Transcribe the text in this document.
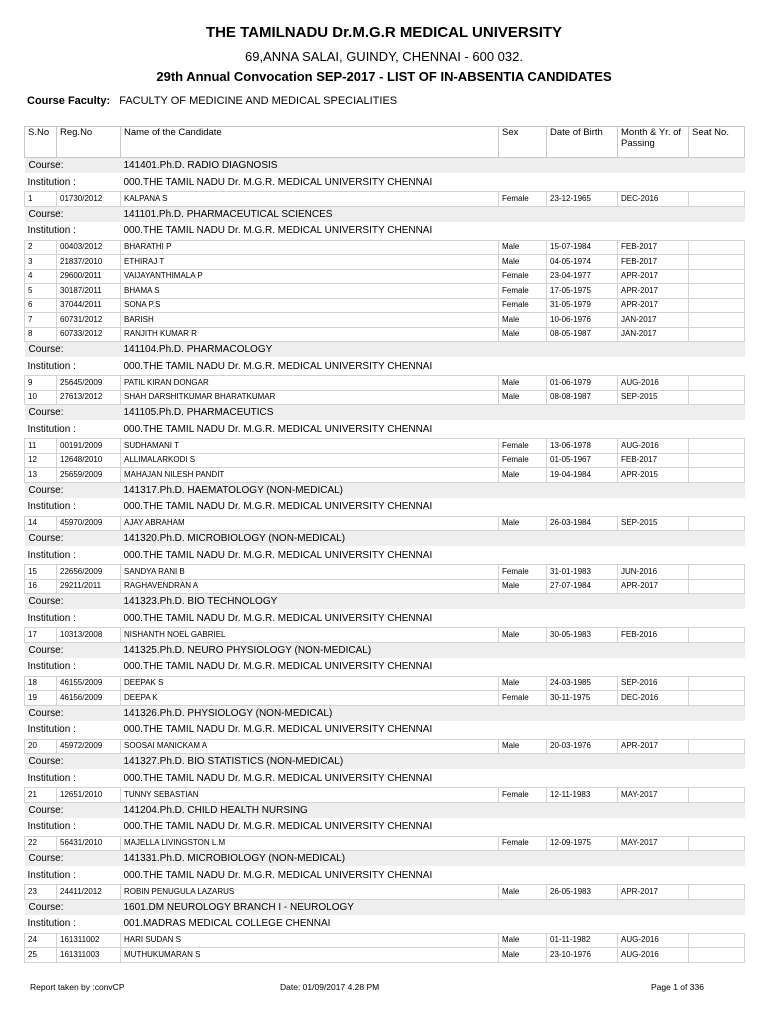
THE TAMILNADU Dr.M.G.R MEDICAL UNIVERSITY
69,ANNA SALAI, GUINDY, CHENNAI - 600 032.
29th Annual Convocation SEP-2017 - LIST OF IN-ABSENTIA CANDIDATES
Course Faculty: FACULTY OF MEDICINE AND MEDICAL SPECIALITIES
S.No	Reg.No	Name of the Candidate	Sex	Date of Birth	Month & Yr. of Passing	Seat No.
Course:		141401.Ph.D. RADIO DIAGNOSIS				
Institution :		000.THE TAMIL NADU Dr. M.G.R. MEDICAL UNIVERSITY CHENNAI				
1	01730/2012	KALPANA S	Female	23-12-1965	DEC-2016	
Course:		141101.Ph.D. PHARMACEUTICAL SCIENCES				
Institution :		000.THE TAMIL NADU Dr. M.G.R. MEDICAL UNIVERSITY CHENNAI				
2	00403/2012	BHARATHI P	Male	15-07-1984	FEB-2017	
3	21837/2010	ETHIRAJ T	Male	04-05-1974	FEB-2017	
4	29600/2011	VAIJAYANTHIMALA P	Female	23-04-1977	APR-2017	
5	30187/2011	BHAMA S	Female	17-05-1975	APR-2017	
6	37044/2011	SONA P.S	Female	31-05-1979	APR-2017	
7	60731/2012	BARISH	Male	10-06-1976	JAN-2017	
8	60733/2012	RANJITH KUMAR R	Male	08-05-1987	JAN-2017	
Course:		141104.Ph.D. PHARMACOLOGY				
Institution :		000.THE TAMIL NADU Dr. M.G.R. MEDICAL UNIVERSITY CHENNAI				
9	25645/2009	PATIL KIRAN DONGAR	Male	01-06-1979	AUG-2016	
10	27613/2012	SHAH DARSHITKUMAR BHARATKUMAR	Male	08-08-1987	SEP-2015	
Course:		141105.Ph.D. PHARMACEUTICS				
Institution :		000.THE TAMIL NADU Dr. M.G.R. MEDICAL UNIVERSITY CHENNAI				
11	00191/2009	SUDHAMANI T	Female	13-06-1978	AUG-2016	
12	12648/2010	ALLIMALARKODI S	Female	01-05-1967	FEB-2017	
13	25659/2009	MAHAJAN NILESH PANDIT	Male	19-04-1984	APR-2015	
Course:		141317.Ph.D. HAEMATOLOGY (NON-MEDICAL)				
Institution :		000.THE TAMIL NADU Dr. M.G.R. MEDICAL UNIVERSITY CHENNAI				
14	45970/2009	AJAY ABRAHAM	Male	26-03-1984	SEP-2015	
Course:		141320.Ph.D. MICROBIOLOGY (NON-MEDICAL)				
Institution :		000.THE TAMIL NADU Dr. M.G.R. MEDICAL UNIVERSITY CHENNAI				
15	22656/2009	SANDYA RANI B	Female	31-01-1983	JUN-2016	
16	29211/2011	RAGHAVENDRAN A	Male	27-07-1984	APR-2017	
Course:		141323.Ph.D. BIO TECHNOLOGY				
Institution :		000.THE TAMIL NADU Dr. M.G.R. MEDICAL UNIVERSITY CHENNAI				
17	10313/2008	NISHANTH NOEL GABRIEL	Male	30-05-1983	FEB-2016	
Course:		141325.Ph.D. NEURO PHYSIOLOGY (NON-MEDICAL)				
Institution :		000.THE TAMIL NADU Dr. M.G.R. MEDICAL UNIVERSITY CHENNAI				
18	46155/2009	DEEPAK S	Male	24-03-1985	SEP-2016	
19	46156/2009	DEEPA K	Female	30-11-1975	DEC-2016	
Course:		141326.Ph.D. PHYSIOLOGY (NON-MEDICAL)				
Institution :		000.THE TAMIL NADU Dr. M.G.R. MEDICAL UNIVERSITY CHENNAI				
20	45972/2009	SOOSAI MANICKAM A	Male	20-03-1976	APR-2017	
Course:		141327.Ph.D. BIO STATISTICS (NON-MEDICAL)				
Institution :		000.THE TAMIL NADU Dr. M.G.R. MEDICAL UNIVERSITY CHENNAI				
21	12651/2010	TUNNY SEBASTIAN	Female	12-11-1983	MAY-2017	
Course:		141204.Ph.D. CHILD HEALTH NURSING				
Institution :		000.THE TAMIL NADU Dr. M.G.R. MEDICAL UNIVERSITY CHENNAI				
22	56431/2010	MAJELLA LIVINGSTON L.M	Female	12-09-1975	MAY-2017	
Course:		141331.Ph.D. MICROBIOLOGY (NON-MEDICAL)				
Institution :		000.THE TAMIL NADU Dr. M.G.R. MEDICAL UNIVERSITY CHENNAI				
23	24411/2012	ROBIN PENUGULA LAZARUS	Male	26-05-1983	APR-2017	
Course:		1601.DM NEUROLOGY BRANCH I - NEUROLOGY				
Institution :		001.MADRAS MEDICAL COLLEGE CHENNAI				
24	161311002	HARI SUDAN S	Male	01-11-1982	AUG-2016	
25	161311003	MUTHUKUMARAN S	Male	23-10-1976	AUG-2016	
Report taken by :convCP	Date: 01/09/2017 4.28 PM	Page 1 of 336
